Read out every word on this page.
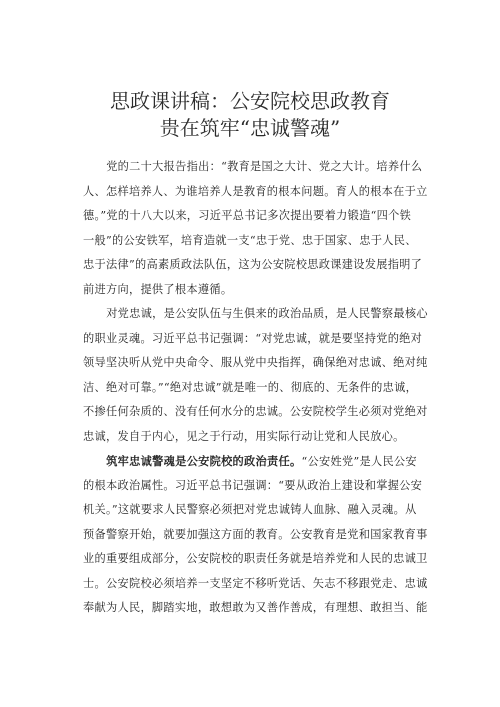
思政课讲稿：公安院校思政教育
贵在筑牢“忠诚警魂”
党的二十大报告指出：“教育是国之大计、党之大计。培养什么
人、怎样培养人、为谁培养人是教育的根本问题。育人的根本在于立
德。”党的十八大以来，习近平总书记多次提出要着力锻造“四个铁
一般”的公安铁军，培育造就一支“忠于党、忠于国家、忠于人民、
忠于法律”的高素质政法队伍，这为公安院校思政课建设发展指明了
前进方向，提供了根本遵循。
对党忠诚，是公安队伍与生俱来的政治品质，是人民警察最核心
的职业灵魂。习近平总书记强调：“对党忠诚，就是要坚持党的绝对
领导坚决听从党中央命令、服从党中央指挥，确保绝对忠诚、绝对纯
洁、绝对可靠。”“绝对忠诚”就是唯一的、彻底的、无条件的忠诚，
不掺任何杂质的、没有任何水分的忠诚。公安院校学生必须对党绝对
忠诚，发自于内心，见之于行动，用实际行动让党和人民放心。
筑牢忠诚警魂是公安院校的政治责任。“公安姓党”是人民公安
的根本政治属性。习近平总书记强调：“要从政治上建设和掌握公安
机关。”这就要求人民警察必须把对党忠诚铸人血脉、融入灵魂。从
预备警察开始，就要加强这方面的教育。公安教育是党和国家教育事
业的重要组成部分，公安院校的职责任务就是培养党和人民的忠诚卫
士。公安院校必须培养一支坚定不移听党话、矢志不移跟党走、忠诚
奉献为人民，脚踏实地，敢想敢为又善作善成，有理想、敢担当、能
